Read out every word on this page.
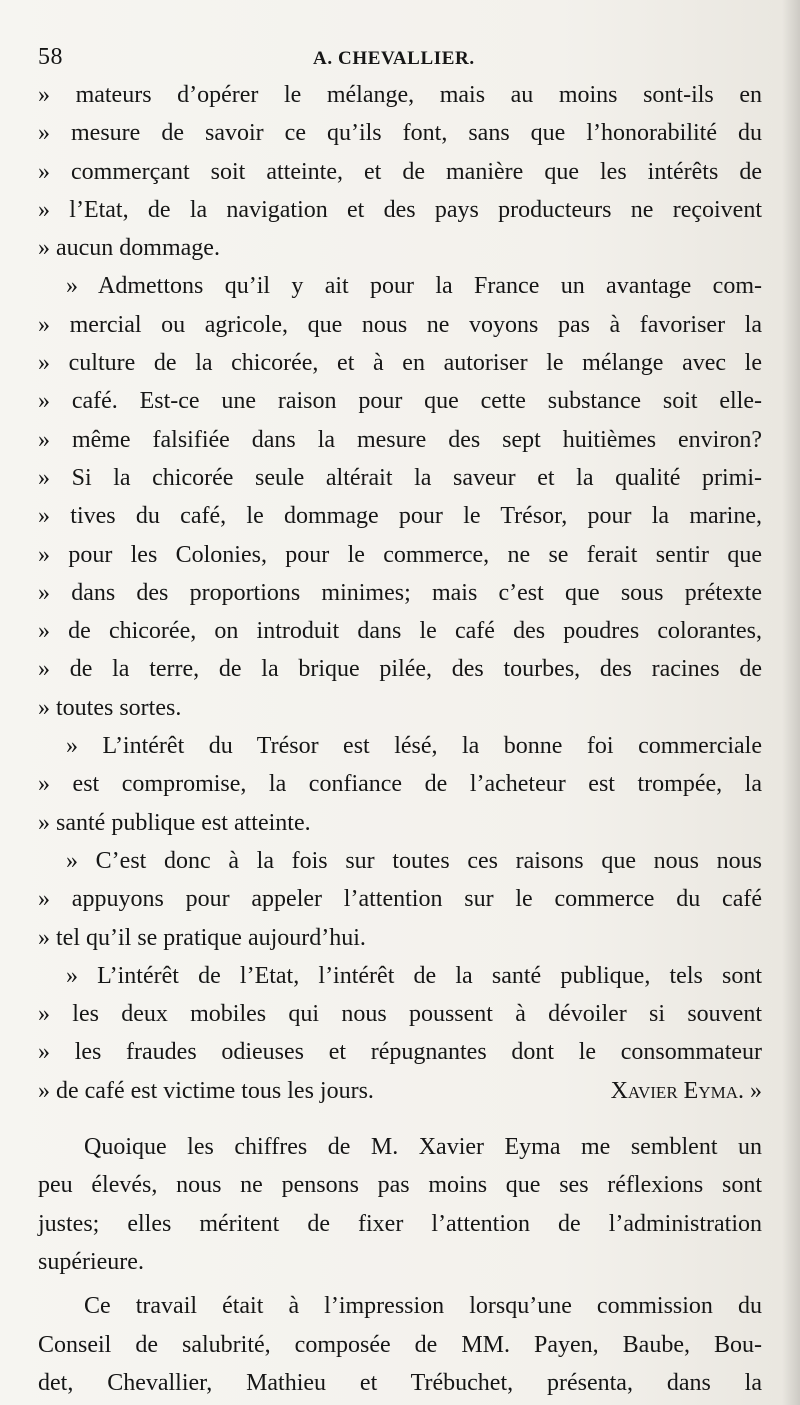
58	A. CHEVALLIER.
» mateurs d’opérer le mélange, mais au moins sont-ils en
» mesure de savoir ce qu’ils font, sans que l’honorabilité du
» commerçant soit atteinte, et de manière que les intérêts de
» l’Etat, de la navigation et des pays producteurs ne reçoivent
» aucun dommage.
» Admettons qu’il y ait pour la France un avantage com-
» mercial ou agricole, que nous ne voyons pas à favoriser la
» culture de la chicorée, et à en autoriser le mélange avec le
» café. Est-ce une raison pour que cette substance soit elle-
» même falsifiée dans la mesure des sept huitièmes environ?
» Si la chicorée seule altérait la saveur et la qualité primi-
» tives du café, le dommage pour le Trésor, pour la marine,
» pour les Colonies, pour le commerce, ne se ferait sentir que
» dans des proportions minimes; mais c’est que sous prétexte
» de chicorée, on introduit dans le café des poudres colorantes,
» de la terre, de la brique pilée, des tourbes, des racines de
» toutes sortes.
» L’intérêt du Trésor est lésé, la bonne foi commerciale
» est compromise, la confiance de l’acheteur est trompée, la
» santé publique est atteinte.
» C’est donc à la fois sur toutes ces raisons que nous nous
» appuyons pour appeler l’attention sur le commerce du café
» tel qu’il se pratique aujourd’hui.
» L’intérêt de l’Etat, l’intérêt de la santé publique, tels sont
» les deux mobiles qui nous poussent à dévoiler si souvent
» les fraudes odieuses et répugnantes dont le consommateur
» de café est victime tous les jours.	Xavier Eyma. »
Quoique les chiffres de M. Xavier Eyma me semblent un
peu élevés, nous ne pensons pas moins que ses réflexions sont
justes; elles méritent de fixer l’attention de l’administration
supérieure.
Ce travail était à l’impression lorsqu’une commission du
Conseil de salubrité, composée de MM. Payen, Baube, Bou-
det, Chevallier, Mathieu et Trébuchet, présenta, dans la
